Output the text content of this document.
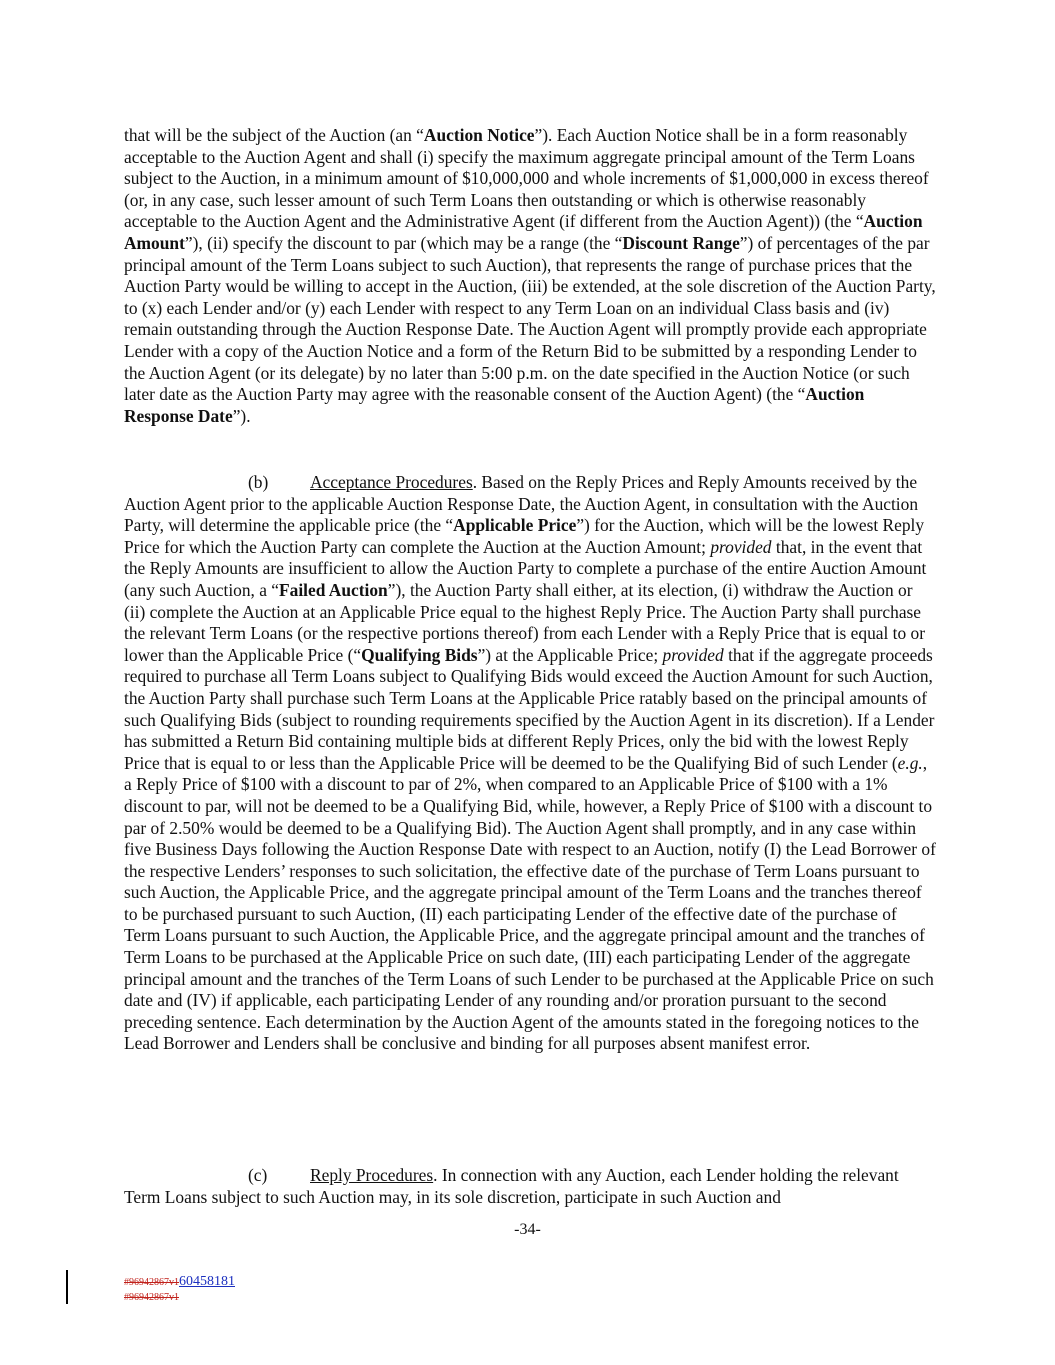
that will be the subject of the Auction (an “Auction Notice”). Each Auction Notice shall be in a form reasonably acceptable to the Auction Agent and shall (i) specify the maximum aggregate principal amount of the Term Loans subject to the Auction, in a minimum amount of $10,000,000 and whole increments of $1,000,000 in excess thereof (or, in any case, such lesser amount of such Term Loans then outstanding or which is otherwise reasonably acceptable to the Auction Agent and the Administrative Agent (if different from the Auction Agent)) (the “Auction Amount”), (ii) specify the discount to par (which may be a range (the “Discount Range”) of percentages of the par principal amount of the Term Loans subject to such Auction), that represents the range of purchase prices that the Auction Party would be willing to accept in the Auction, (iii) be extended, at the sole discretion of the Auction Party, to (x) each Lender and/or (y) each Lender with respect to any Term Loan on an individual Class basis and (iv) remain outstanding through the Auction Response Date. The Auction Agent will promptly provide each appropriate Lender with a copy of the Auction Notice and a form of the Return Bid to be submitted by a responding Lender to the Auction Agent (or its delegate) by no later than 5:00 p.m. on the date specified in the Auction Notice (or such later date as the Auction Party may agree with the reasonable consent of the Auction Agent) (the “Auction Response Date”).

(b) Acceptance Procedures. Based on the Reply Prices and Reply Amounts received by the Auction Agent prior to the applicable Auction Response Date, the Auction Agent, in consultation with the Auction Party, will determine the applicable price (the “Applicable Price”) for the Auction, which will be the lowest Reply Price for which the Auction Party can complete the Auction at the Auction Amount; provided that, in the event that the Reply Amounts are insufficient to allow the Auction Party to complete a purchase of the entire Auction Amount (any such Auction, a “Failed Auction”), the Auction Party shall either, at its election, (i) withdraw the Auction or (ii) complete the Auction at an Applicable Price equal to the highest Reply Price. The Auction Party shall purchase the relevant Term Loans (or the respective portions thereof) from each Lender with a Reply Price that is equal to or lower than the Applicable Price (“Qualifying Bids”) at the Applicable Price; provided that if the aggregate proceeds required to purchase all Term Loans subject to Qualifying Bids would exceed the Auction Amount for such Auction, the Auction Party shall purchase such Term Loans at the Applicable Price ratably based on the principal amounts of such Qualifying Bids (subject to rounding requirements specified by the Auction Agent in its discretion). If a Lender has submitted a Return Bid containing multiple bids at different Reply Prices, only the bid with the lowest Reply Price that is equal to or less than the Applicable Price will be deemed to be the Qualifying Bid of such Lender (e.g., a Reply Price of $100 with a discount to par of 2%, when compared to an Applicable Price of $100 with a 1% discount to par, will not be deemed to be a Qualifying Bid, while, however, a Reply Price of $100 with a discount to par of 2.50% would be deemed to be a Qualifying Bid). The Auction Agent shall promptly, and in any case within five Business Days following the Auction Response Date with respect to an Auction, notify (I) the Lead Borrower of the respective Lenders’ responses to such solicitation, the effective date of the purchase of Term Loans pursuant to such Auction, the Applicable Price, and the aggregate principal amount of the Term Loans and the tranches thereof to be purchased pursuant to such Auction, (II) each participating Lender of the effective date of the purchase of Term Loans pursuant to such Auction, the Applicable Price, and the aggregate principal amount and the tranches of Term Loans to be purchased at the Applicable Price on such date, (III) each participating Lender of the aggregate principal amount and the tranches of the Term Loans of such Lender to be purchased at the Applicable Price on such date and (IV) if applicable, each participating Lender of any rounding and/or proration pursuant to the second preceding sentence. Each determination by the Auction Agent of the amounts stated in the foregoing notices to the Lead Borrower and Lenders shall be conclusive and binding for all purposes absent manifest error.

(c) Reply Procedures. In connection with any Auction, each Lender holding the relevant Term Loans subject to such Auction may, in its sole discretion, participate in such Auction and

-34-
#96942867v160458181
#96942867v1
